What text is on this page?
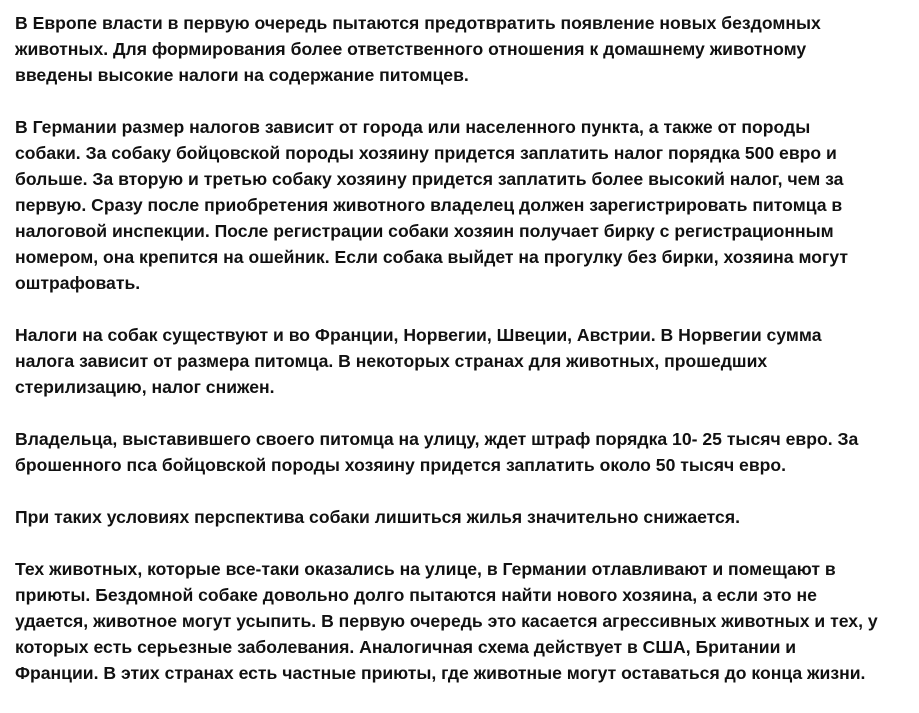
В Европе власти в первую очередь пытаются предотвратить появление новых бездомных
животных. Для формирования более ответственного отношения к домашнему животному
введены высокие налоги на содержание питомцев.

В Германии размер налогов зависит от города или населенного пункта, а также от породы
собаки. За собаку бойцовской породы хозяину придется заплатить налог порядка 500 евро и
больше. За вторую и третью собаку хозяину придется заплатить более высокий налог, чем за
первую. Сразу после приобретения животного владелец должен зарегистрировать питомца в
налоговой инспекции. После регистрации собаки хозяин получает бирку с регистрационным
номером, она крепится на ошейник. Если собака выйдет на прогулку без бирки, хозяина могут
оштрафовать.

Налоги на собак существуют и во Франции, Норвегии, Швеции, Австрии. В Норвегии сумма
налога зависит от размера питомца. В некоторых странах для животных, прошедших
стерилизацию, налог снижен.

Владельца, выставившего своего питомца на улицу, ждет штраф порядка 10- 25 тысяч евро. За
брошенного пса бойцовской породы хозяину придется заплатить около 50 тысяч евро.

При таких условиях перспектива собаки лишиться жилья значительно снижается.

Тех животных, которые все-таки оказались на улице, в Германии отлавливают и помещают в
приюты. Бездомной собаке довольно долго пытаются найти нового хозяина, а если это не
удается, животное могут усыпить. В первую очередь это касается агрессивных животных и тех, у
которых есть серьезные заболевания. Аналогичная схема действует в США, Британии и
Франции. В этих странах есть частные приюты, где животные могут оставаться до конца жизни.
